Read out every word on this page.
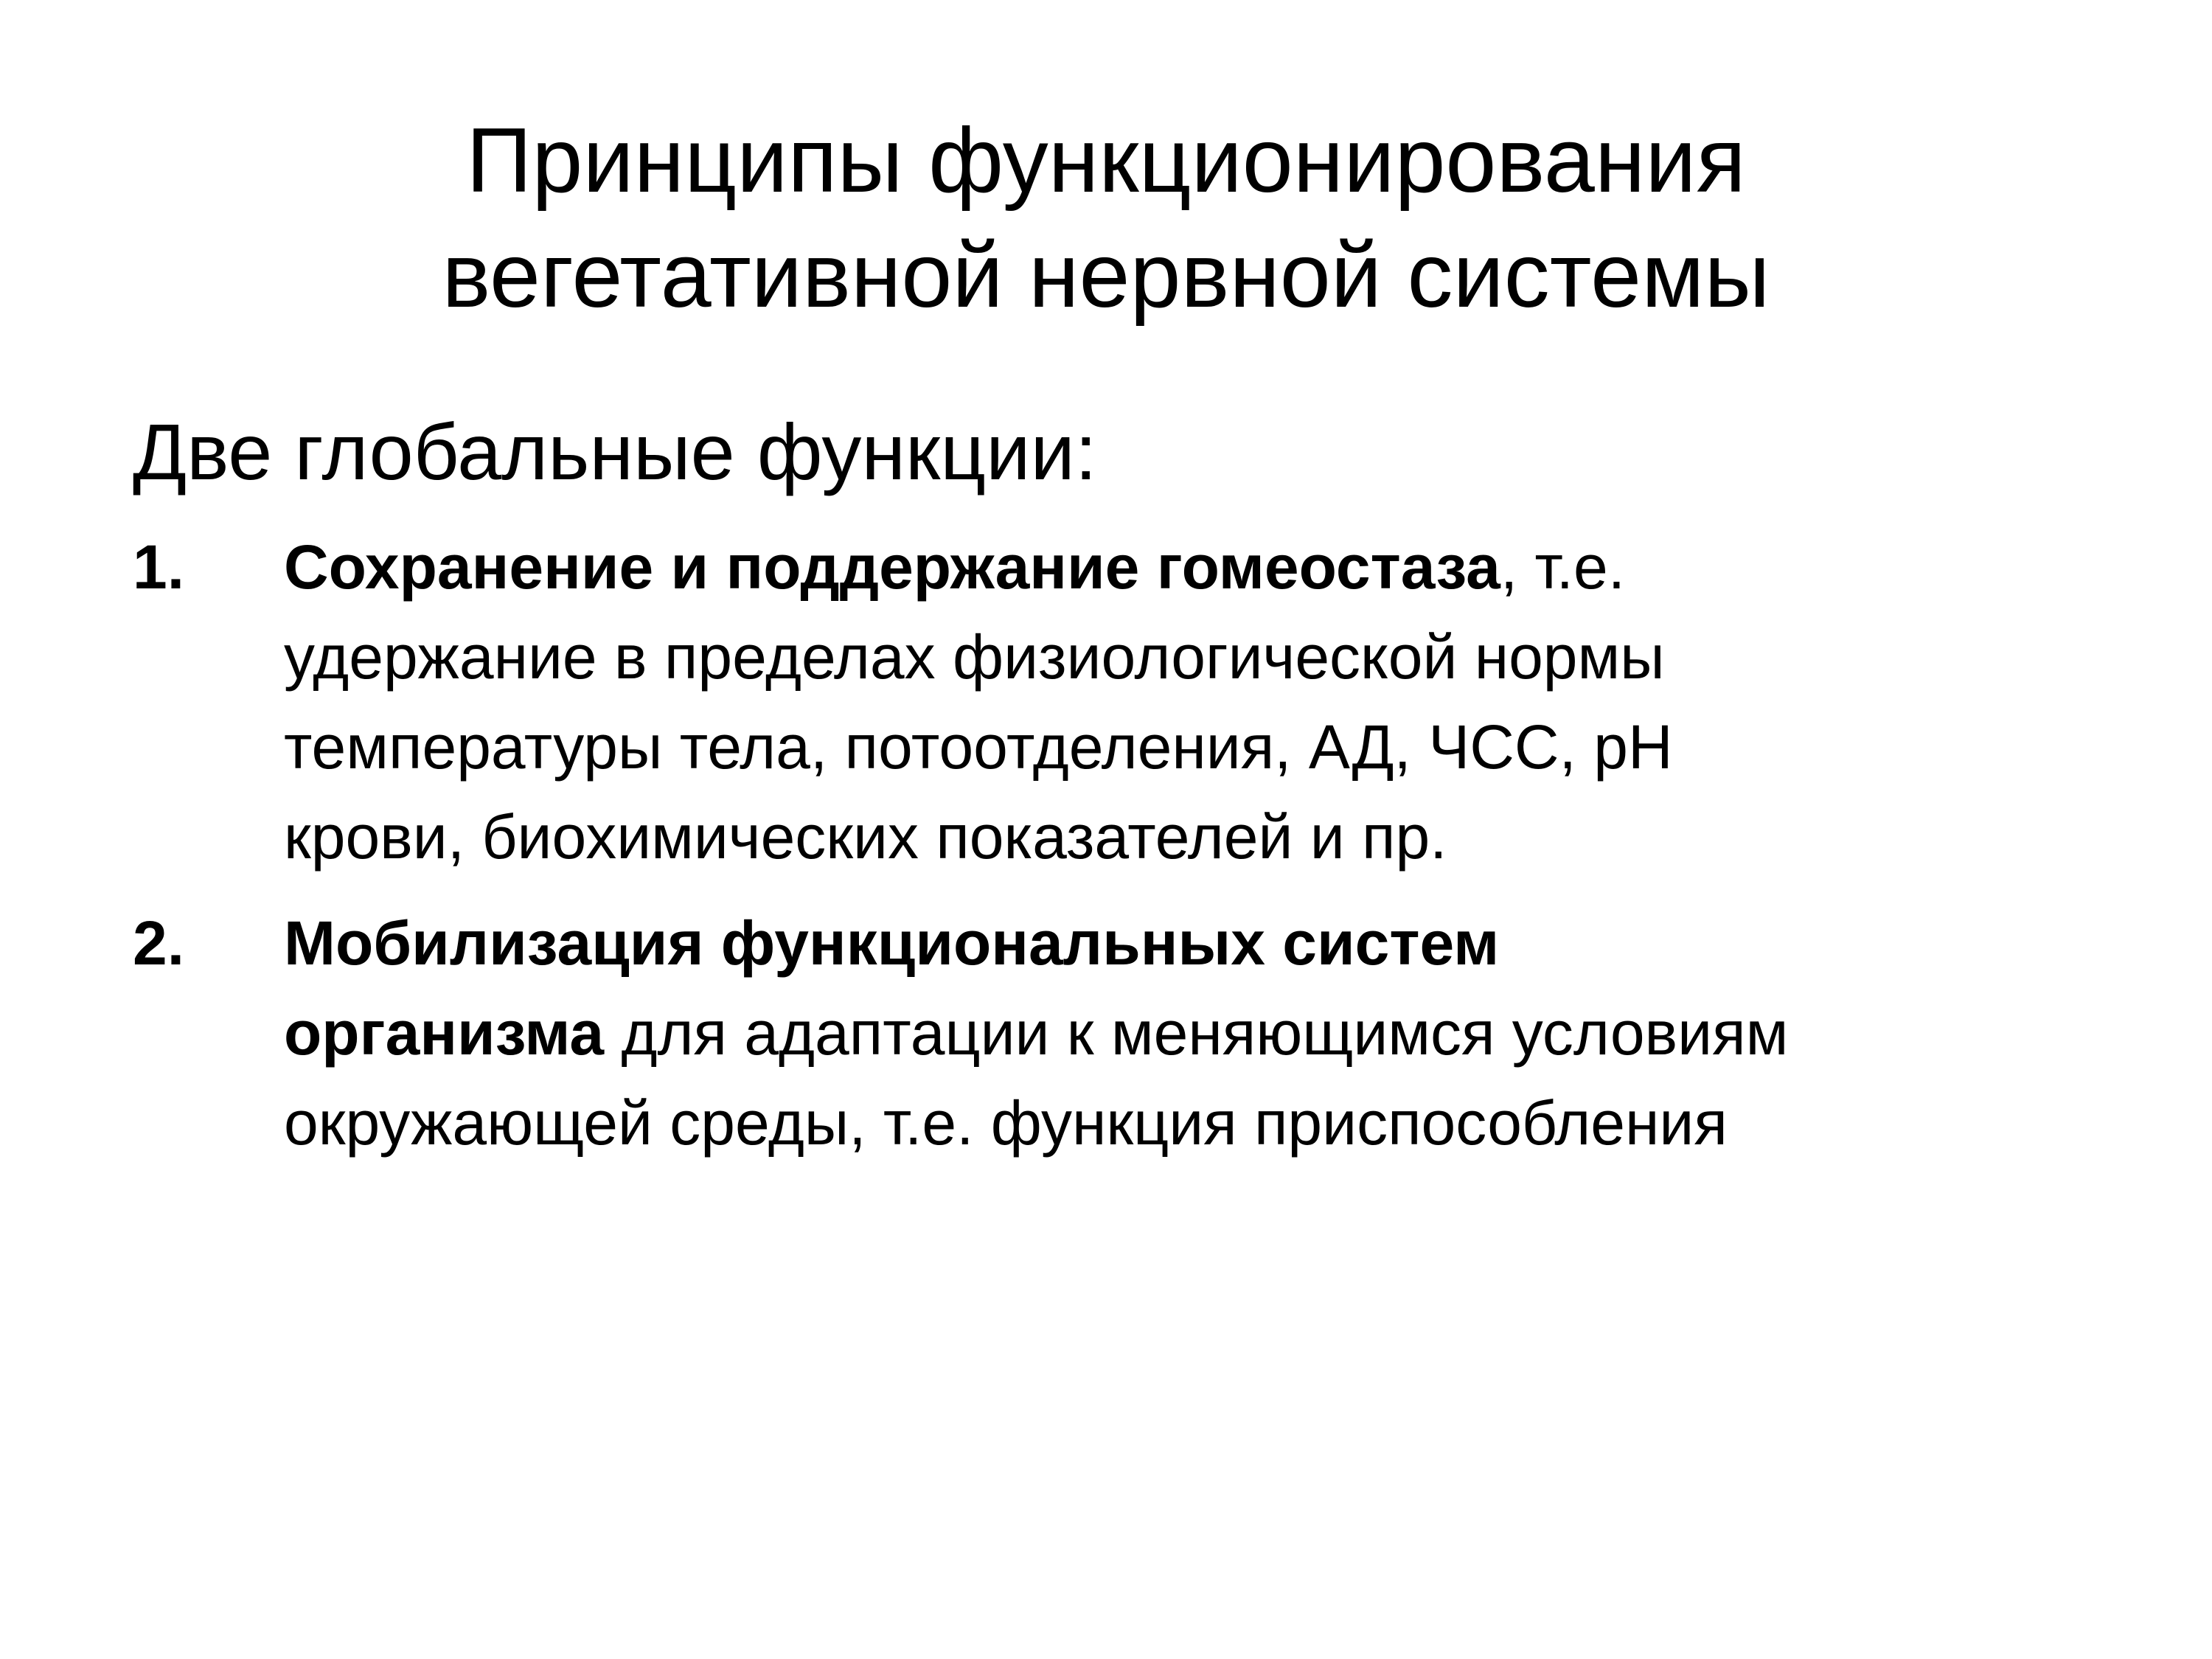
Принципы функционирования
вегетативной нервной системы

Две глобальные функции:

1. Сохранение и поддержание гомеостаза, т.е.
удержание в пределах физиологической нормы
температуры тела, потоотделения, АД, ЧСС, рН
крови, биохимических показателей и пр.
2. Мобилизация функциональных систем
организма для адаптации к меняющимся условиям
окружающей среды, т.е. функция приспособления
